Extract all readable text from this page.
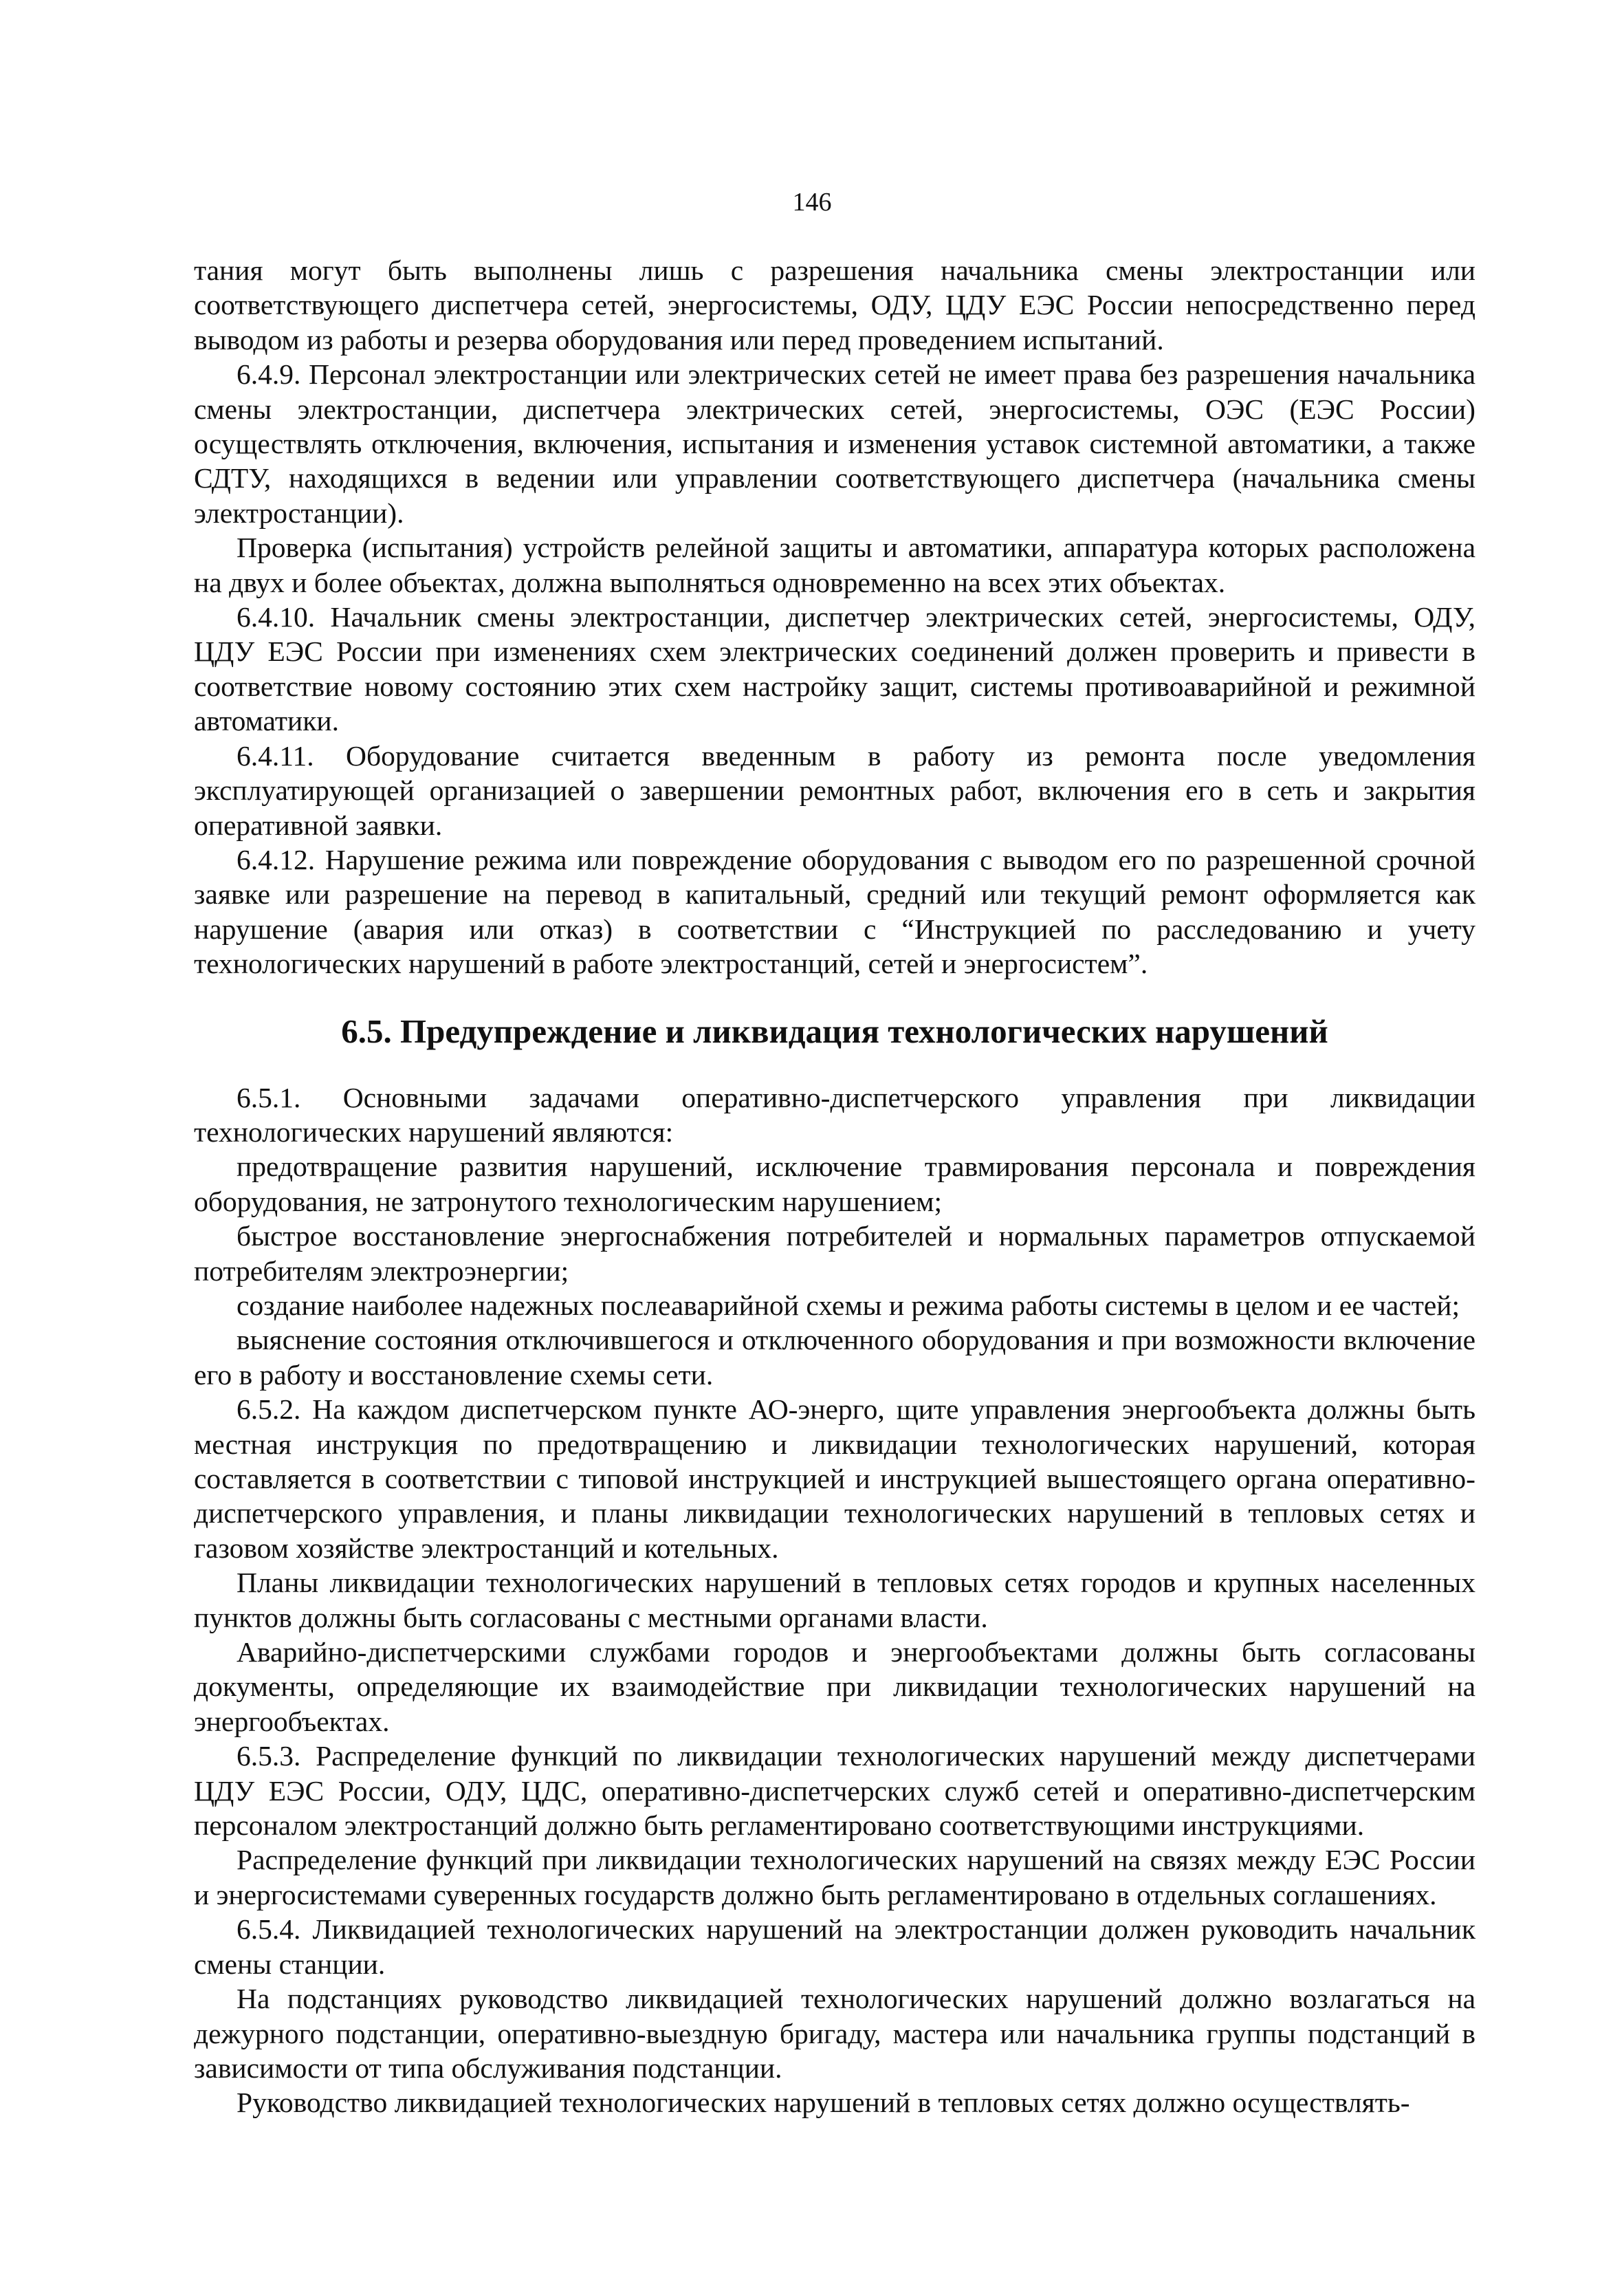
146

тания могут быть выполнены лишь с разрешения начальника смены электростанции или соответствующего диспетчера сетей, энергосистемы, ОДУ, ЦДУ ЕЭС России непосредственно перед выводом из работы и резерва оборудования или перед проведением испытаний.

6.4.9. Персонал электростанции или электрических сетей не имеет права без разрешения начальника смены электростанции, диспетчера электрических сетей, энергосистемы, ОЭС (ЕЭС России) осуществлять отключения, включения, испытания и изменения уставок системной автоматики, а также СДТУ, находящихся в ведении или управлении соответствующего диспетчера (начальника смены электростанции).

Проверка (испытания) устройств релейной защиты и автоматики, аппаратура которых расположена на двух и более объектах, должна выполняться одновременно на всех этих объектах.

6.4.10. Начальник смены электростанции, диспетчер электрических сетей, энергосистемы, ОДУ, ЦДУ ЕЭС России при изменениях схем электрических соединений должен проверить и привести в соответствие новому состоянию этих схем настройку защит, системы противоаварийной и режимной автоматики.

6.4.11. Оборудование считается введенным в работу из ремонта после уведомления эксплуатирующей организацией о завершении ремонтных работ, включения его в сеть и закрытия оперативной заявки.

6.4.12. Нарушение режима или повреждение оборудования с выводом его по разрешенной срочной заявке или разрешение на перевод в капитальный, средний или текущий ремонт оформляется как нарушение (авария или отказ) в соответствии с “Инструкцией по расследованию и учету технологических нарушений в работе электростанций, сетей и энергосистем”.

6.5. Предупреждение и ликвидация технологических нарушений

6.5.1. Основными задачами оперативно-диспетчерского управления при ликвидации технологических нарушений являются:

предотвращение развития нарушений, исключение травмирования персонала и повреждения оборудования, не затронутого технологическим нарушением;

быстрое восстановление энергоснабжения потребителей и нормальных параметров отпускаемой потребителям электроэнергии;

создание наиболее надежных послеаварийной схемы и режима работы системы в целом и ее частей;

выяснение состояния отключившегося и отключенного оборудования и при возможности включение его в работу и восстановление схемы сети.

6.5.2. На каждом диспетчерском пункте АО-энерго, щите управления энергообъекта должны быть местная инструкция по предотвращению и ликвидации технологических нарушений, которая составляется в соответствии с типовой инструкцией и инструкцией вышестоящего органа оперативно-диспетчерского управления, и планы ликвидации технологических нарушений в тепловых сетях и газовом хозяйстве электростанций и котельных.

Планы ликвидации технологических нарушений в тепловых сетях городов и крупных населенных пунктов должны быть согласованы с местными органами власти.

Аварийно-диспетчерскими службами городов и энергообъектами должны быть согласованы документы, определяющие их взаимодействие при ликвидации технологических нарушений на энергообъектах.

6.5.3. Распределение функций по ликвидации технологических нарушений между диспетчерами ЦДУ ЕЭС России, ОДУ, ЦДС, оперативно-диспетчерских служб сетей и оперативно-диспетчерским персоналом электростанций должно быть регламентировано соответствующими инструкциями.

Распределение функций при ликвидации технологических нарушений на связях между ЕЭС России и энергосистемами суверенных государств должно быть регламентировано в отдельных соглашениях.

6.5.4. Ликвидацией технологических нарушений на электростанции должен руководить начальник смены станции.

На подстанциях руководство ликвидацией технологических нарушений должно возлагаться на дежурного подстанции, оперативно-выездную бригаду, мастера или начальника группы подстанций в зависимости от типа обслуживания подстанции.

Руководство ликвидацией технологических нарушений в тепловых сетях должно осуществлять-
